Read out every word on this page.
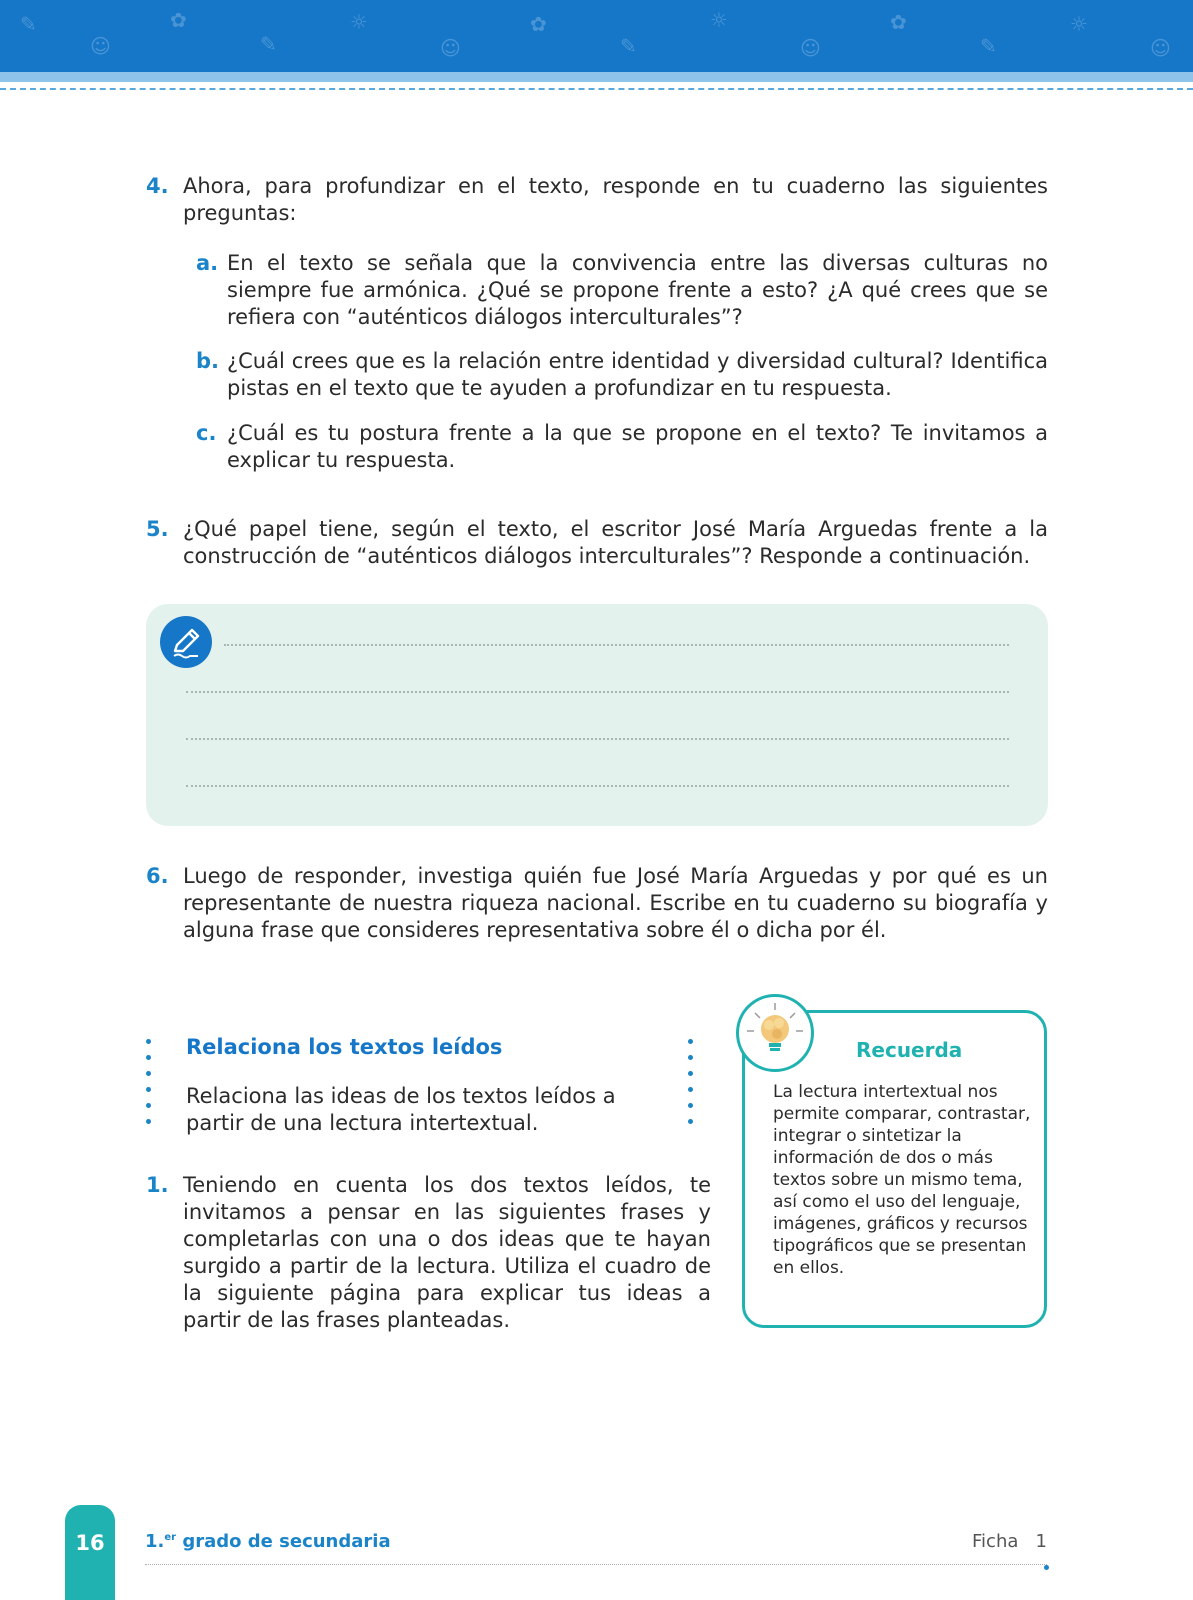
✎
☺
✿
✎
☼
☺
✿
✎
☼
☺
✿
✎
☼
☺
4. Ahora, para profundizar en el texto, responde en tu cuaderno las siguientes preguntas:
a. En el texto se señala que la convivencia entre las diversas culturas no siempre fue armónica. ¿Qué se propone frente a esto? ¿A qué crees que se refiera con “auténticos diálogos interculturales”?
b. ¿Cuál crees que es la relación entre identidad y diversidad cultural? Identifica pistas en el texto que te ayuden a profundizar en tu respuesta.
c. ¿Cuál es tu postura frente a la que se propone en el texto? Te invitamos a explicar tu respuesta.
5. ¿Qué papel tiene, según el texto, el escritor José María Arguedas frente a la construcción de “auténticos diálogos interculturales”? Responde a continuación.
6. Luego de responder, investiga quién fue José María Arguedas y por qué es un representante de nuestra riqueza nacional. Escribe en tu cuaderno su biografía y alguna frase que consideres representativa sobre él o dicha por él.
Relaciona los textos leídos
Relaciona las ideas de los textos leídos a partir de una lectura intertextual.
1. Teniendo en cuenta los dos textos leídos, te invitamos a pensar en las siguientes frases y completarlas con una o dos ideas que te hayan surgido a partir de la lectura. Utiliza el cuadro de la siguiente página para explicar tus ideas a partir de las frases planteadas.
Recuerda
La lectura intertextual nos permite comparar, contrastar, integrar o sintetizar la información de dos o más textos sobre un mismo tema, así como el uso del lenguaje, imágenes, gráficos y recursos tipográficos que se presentan en ellos.
16	1.$^{er}$ grado de secundaria	Ficha   1
